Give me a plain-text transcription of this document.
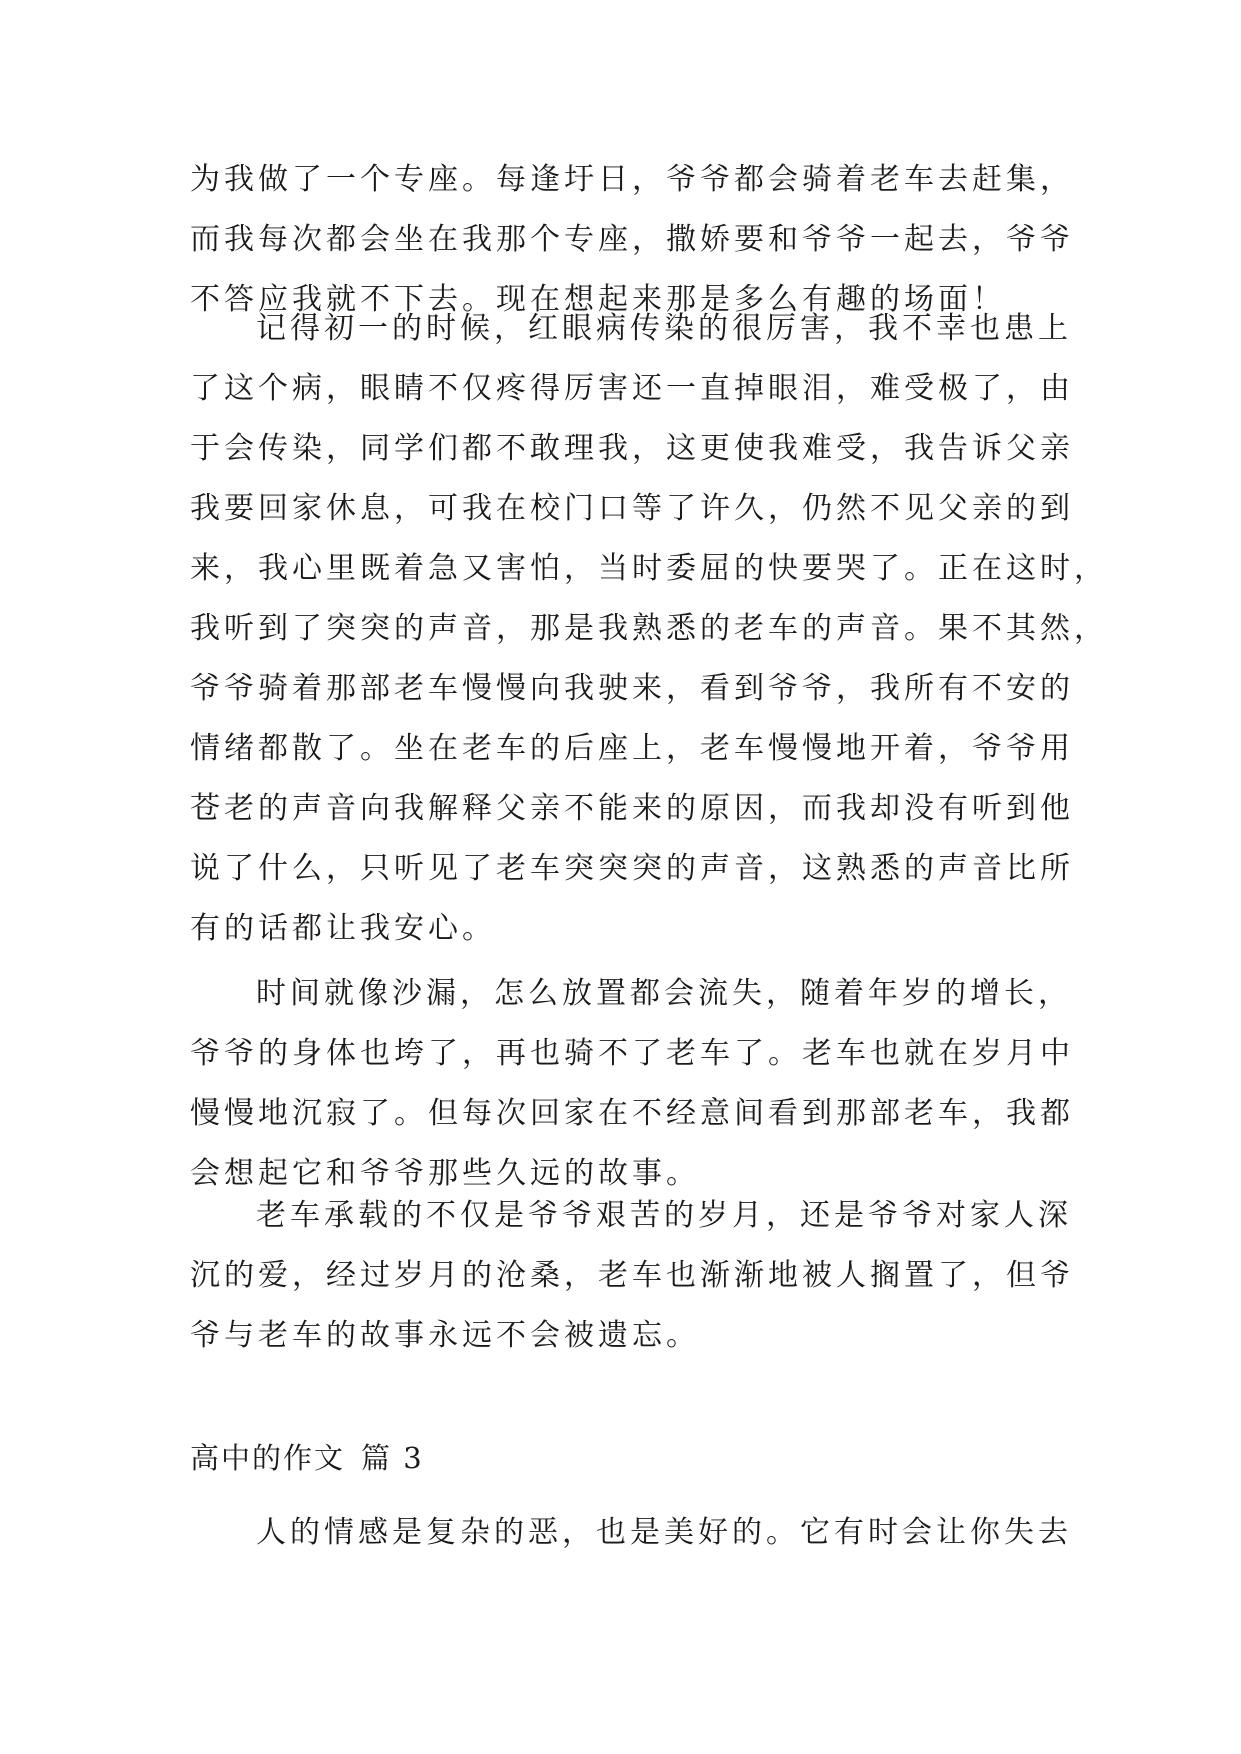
为我做了一个专座。每逢圩日，爷爷都会骑着老车去赶集，
而我每次都会坐在我那个专座，撒娇要和爷爷一起去，爷爷
不答应我就不下去。现在想起来那是多么有趣的场面！
记得初一的时候，红眼病传染的很厉害，我不幸也患上
了这个病，眼睛不仅疼得厉害还一直掉眼泪，难受极了，由
于会传染，同学们都不敢理我，这更使我难受，我告诉父亲
我要回家休息，可我在校门口等了许久，仍然不见父亲的到
来，我心里既着急又害怕，当时委屈的快要哭了。正在这时，
我听到了突突的声音，那是我熟悉的老车的声音。果不其然，
爷爷骑着那部老车慢慢向我驶来，看到爷爷，我所有不安的
情绪都散了。坐在老车的后座上，老车慢慢地开着，爷爷用
苍老的声音向我解释父亲不能来的原因，而我却没有听到他
说了什么，只听见了老车突突突的声音，这熟悉的声音比所
有的话都让我安心。
时间就像沙漏，怎么放置都会流失，随着年岁的增长，
爷爷的身体也垮了，再也骑不了老车了。老车也就在岁月中
慢慢地沉寂了。但每次回家在不经意间看到那部老车，我都
会想起它和爷爷那些久远的故事。
老车承载的不仅是爷爷艰苦的岁月，还是爷爷对家人深
沉的爱，经过岁月的沧桑，老车也渐渐地被人搁置了，但爷
爷与老车的故事永远不会被遗忘。
高中的作文 篇 3
人的情感是复杂的恶，也是美好的。它有时会让你失去
